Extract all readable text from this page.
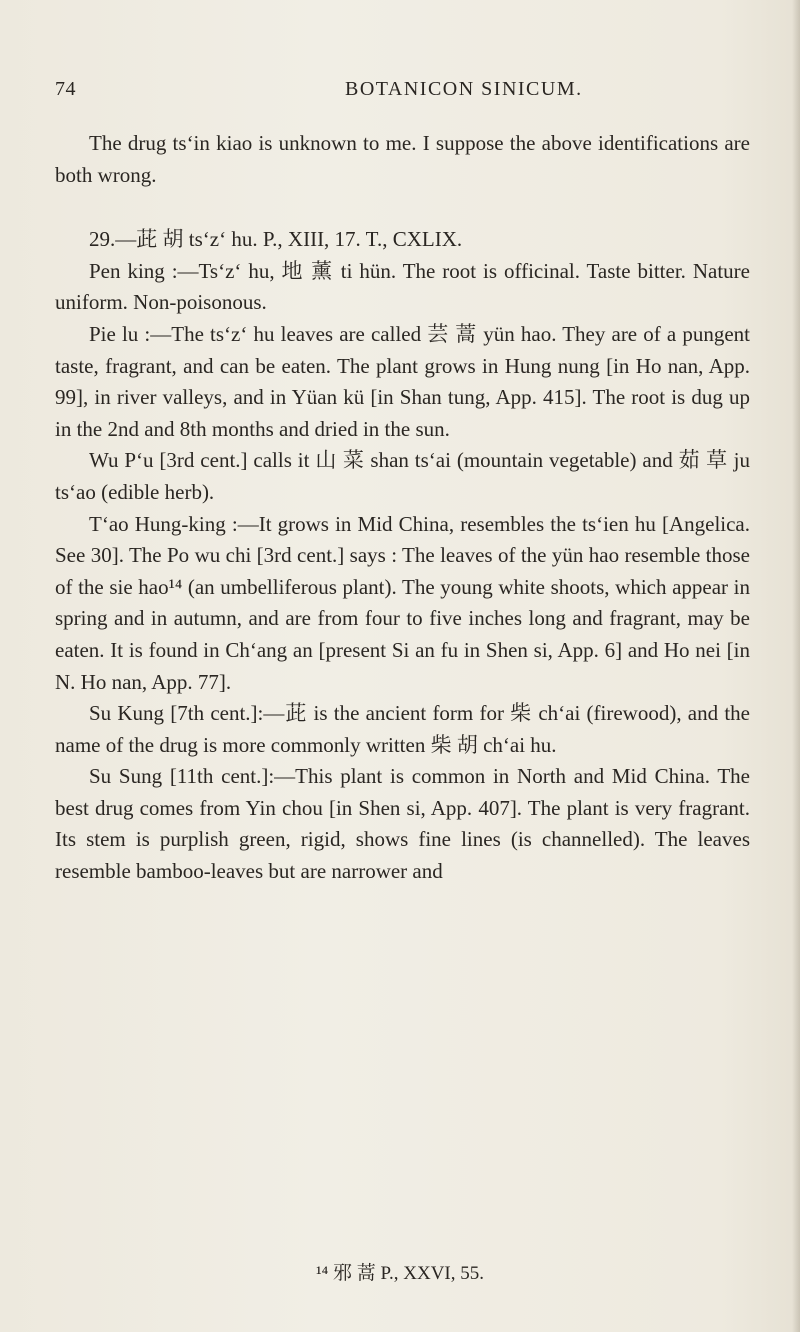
74	BOTANICON SINICUM.

The drug ts‘in kiao is unknown to me. I suppose the above identifications are both wrong.

29.—茈 胡 ts‘z‘ hu. P., XIII, 17. T., CXLIX.

Pen king :—Ts‘z‘ hu, 地 薰 ti hün. The root is officinal. Taste bitter. Nature uniform. Non-poisonous.

Pie lu :—The ts‘z‘ hu leaves are called 芸 蒿 yün hao. They are of a pungent taste, fragrant, and can be eaten. The plant grows in Hung nung [in Ho nan, App. 99], in river valleys, and in Yüan kü [in Shan tung, App. 415]. The root is dug up in the 2nd and 8th months and dried in the sun.

Wu P‘u [3rd cent.] calls it 山 菜 shan ts‘ai (mountain vegetable) and 茹 草 ju ts‘ao (edible herb).

T‘ao Hung-king :—It grows in Mid China, resembles the ts‘ien hu [Angelica. See 30]. The Po wu chi [3rd cent.] says : The leaves of the yün hao resemble those of the sie hao¹⁴ (an umbelliferous plant). The young white shoots, which appear in spring and in autumn, and are from four to five inches long and fragrant, may be eaten. It is found in Ch‘ang an [present Si an fu in Shen si, App. 6] and Ho nei [in N. Ho nan, App. 77].

Su Kung [7th cent.]:—茈 is the ancient form for 柴 ch‘ai (firewood), and the name of the drug is more commonly written 柴 胡 ch‘ai hu.

Su Sung [11th cent.]:—This plant is common in North and Mid China. The best drug comes from Yin chou [in Shen si, App. 407]. The plant is very fragrant. Its stem is purplish green, rigid, shows fine lines (is channelled). The leaves resemble bamboo-leaves but are narrower and

¹⁴ 邪 蒿 P., XXVI, 55.
